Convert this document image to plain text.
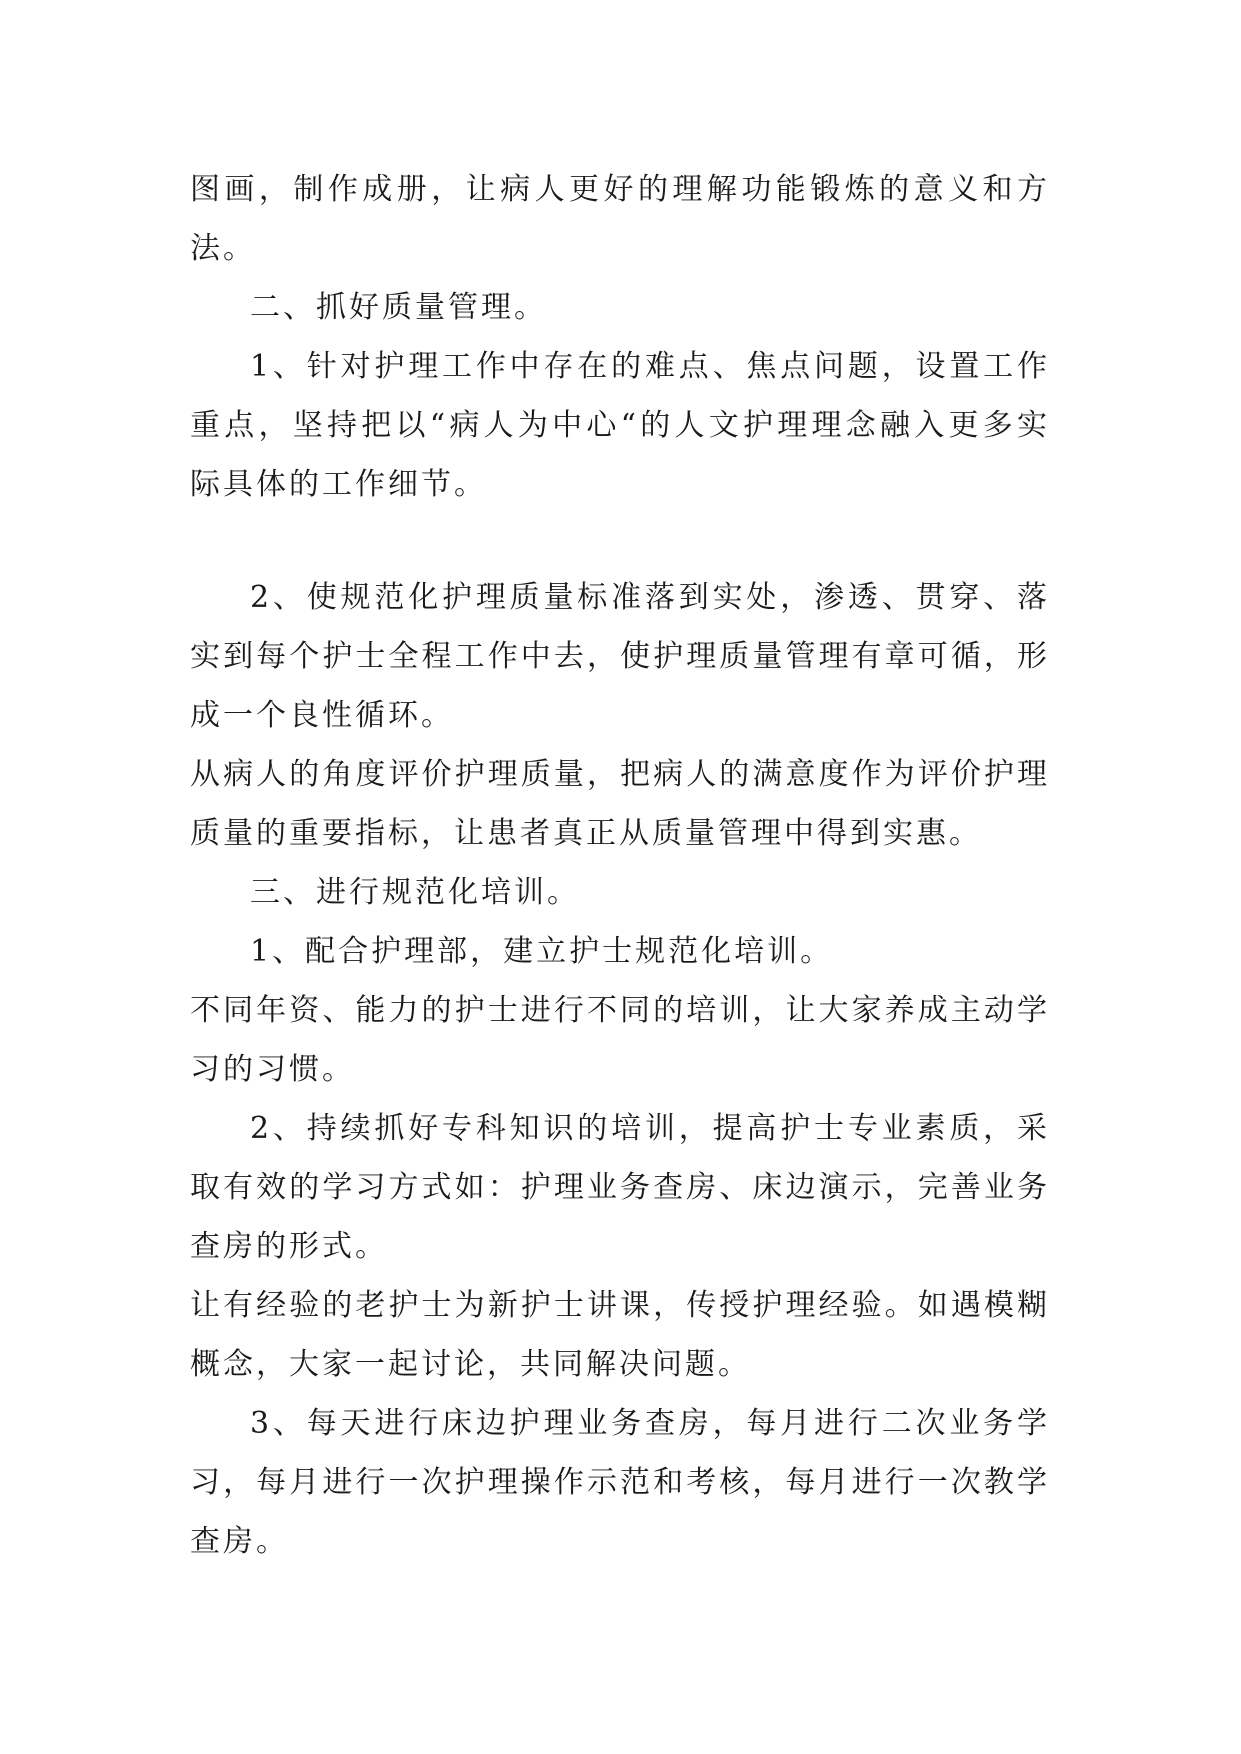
图画，制作成册，让病人更好的理解功能锻炼的意义和方法。

二、抓好质量管理。

1、针对护理工作中存在的难点、焦点问题，设置工作重点，坚持把以“病人为中心“的人文护理理念融入更多实际具体的工作细节。

2、使规范化护理质量标准落到实处，渗透、贯穿、落实到每个护士全程工作中去，使护理质量管理有章可循，形成一个良性循环。

从病人的角度评价护理质量，把病人的满意度作为评价护理质量的重要指标，让患者真正从质量管理中得到实惠。

三、进行规范化培训。

1、配合护理部，建立护士规范化培训。

不同年资、能力的护士进行不同的培训，让大家养成主动学习的习惯。

2、持续抓好专科知识的培训，提高护士专业素质，采取有效的学习方式如：护理业务查房、床边演示，完善业务查房的形式。

让有经验的老护士为新护士讲课，传授护理经验。如遇模糊概念，大家一起讨论，共同解决问题。

3、每天进行床边护理业务查房，每月进行二次业务学习，每月进行一次护理操作示范和考核，每月进行一次教学查房。
